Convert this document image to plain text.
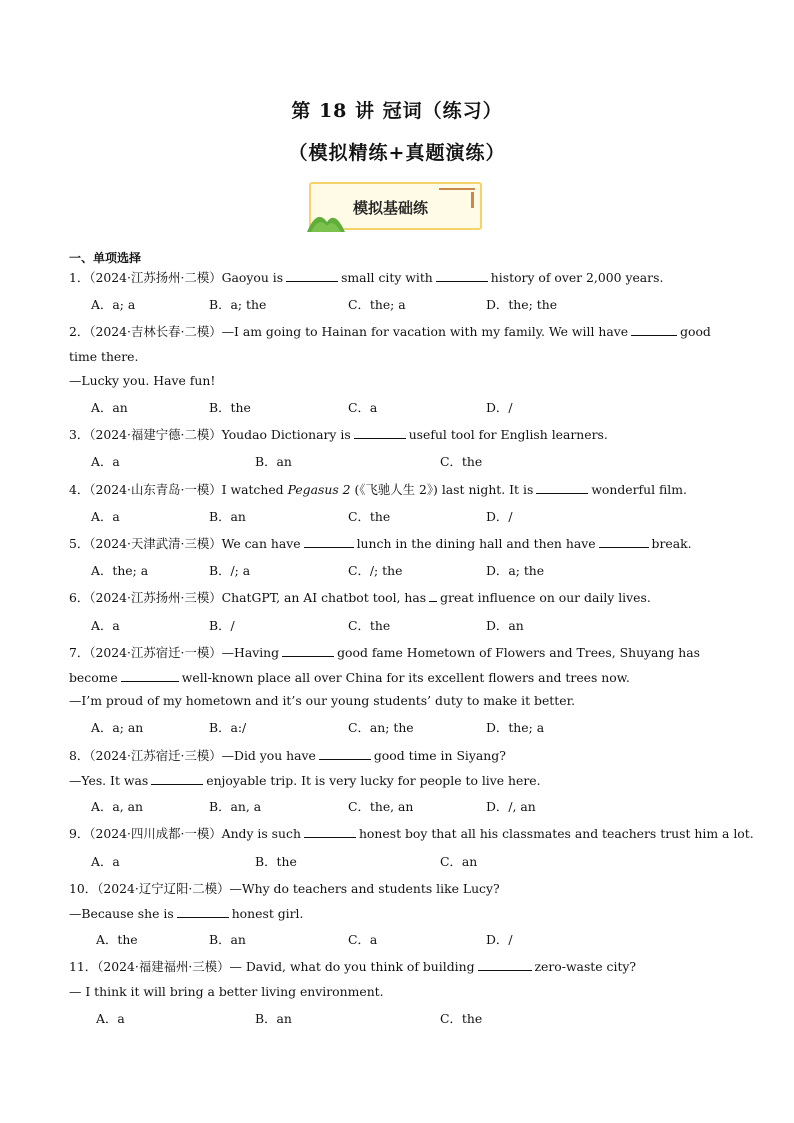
第 18 讲 冠词（练习）
（模拟精练+真题演练）
模拟基础练
一、单项选择
1．（2024·江苏扬州·二模）Gaoyou is	small city with	history of over 2,000 years.
A．a; a	B．a; the	C．the; a	D．the; the
2．（2024·吉林长春·二模）—I am going to Hainan for vacation with my family. We will have	good
time there.
—Lucky you. Have fun!
A．an	B．the	C．a	D．/
3．（2024·福建宁德·二模）Youdao Dictionary is	useful tool for English learners.
A．a	B．an	C．the
4．（2024·山东青岛·一模）I watched Pegasus 2 (《飞驰人生 2》) last night. It is	wonderful film.
A．a	B．an	C．the	D．/
5．（2024·天津武清·三模）We can have	lunch in the dining hall and then have	break.
A．the; a	B．/; a	C．/; the	D．a; the
6．（2024·江苏扬州·三模）ChatGPT, an AI chatbot tool, has great influence on our daily lives.
A．a	B．/	C．the	D．an
7．（2024·江苏宿迁·一模）—Having	good fame Hometown of Flowers and Trees, Shuyang has
become	well-known place all over China for its excellent flowers and trees now.
—I’m proud of my hometown and it’s our young students’ duty to make it better.
A．a; an	B．a:/	C．an; the	D．the; a
8．（2024·江苏宿迁·三模）—Did you have	good time in Siyang?
—Yes. It was	enjoyable trip. It is very lucky for people to live here.
A．a, an	B．an, a	C．the, an	D．/, an
9．（2024·四川成都·一模）Andy is such	honest boy that all his classmates and teachers trust him a lot.
A．a	B．the	C．an
10．（2024·辽宁辽阳·二模）—Why do teachers and students like Lucy?
—Because she is	honest girl.
A．the	B．an	C．a	D．/
11．（2024·福建福州·三模）— David, what do you think of building	zero-waste city?
— I think it will bring a better living environment.
A．a	B．an	C．the
